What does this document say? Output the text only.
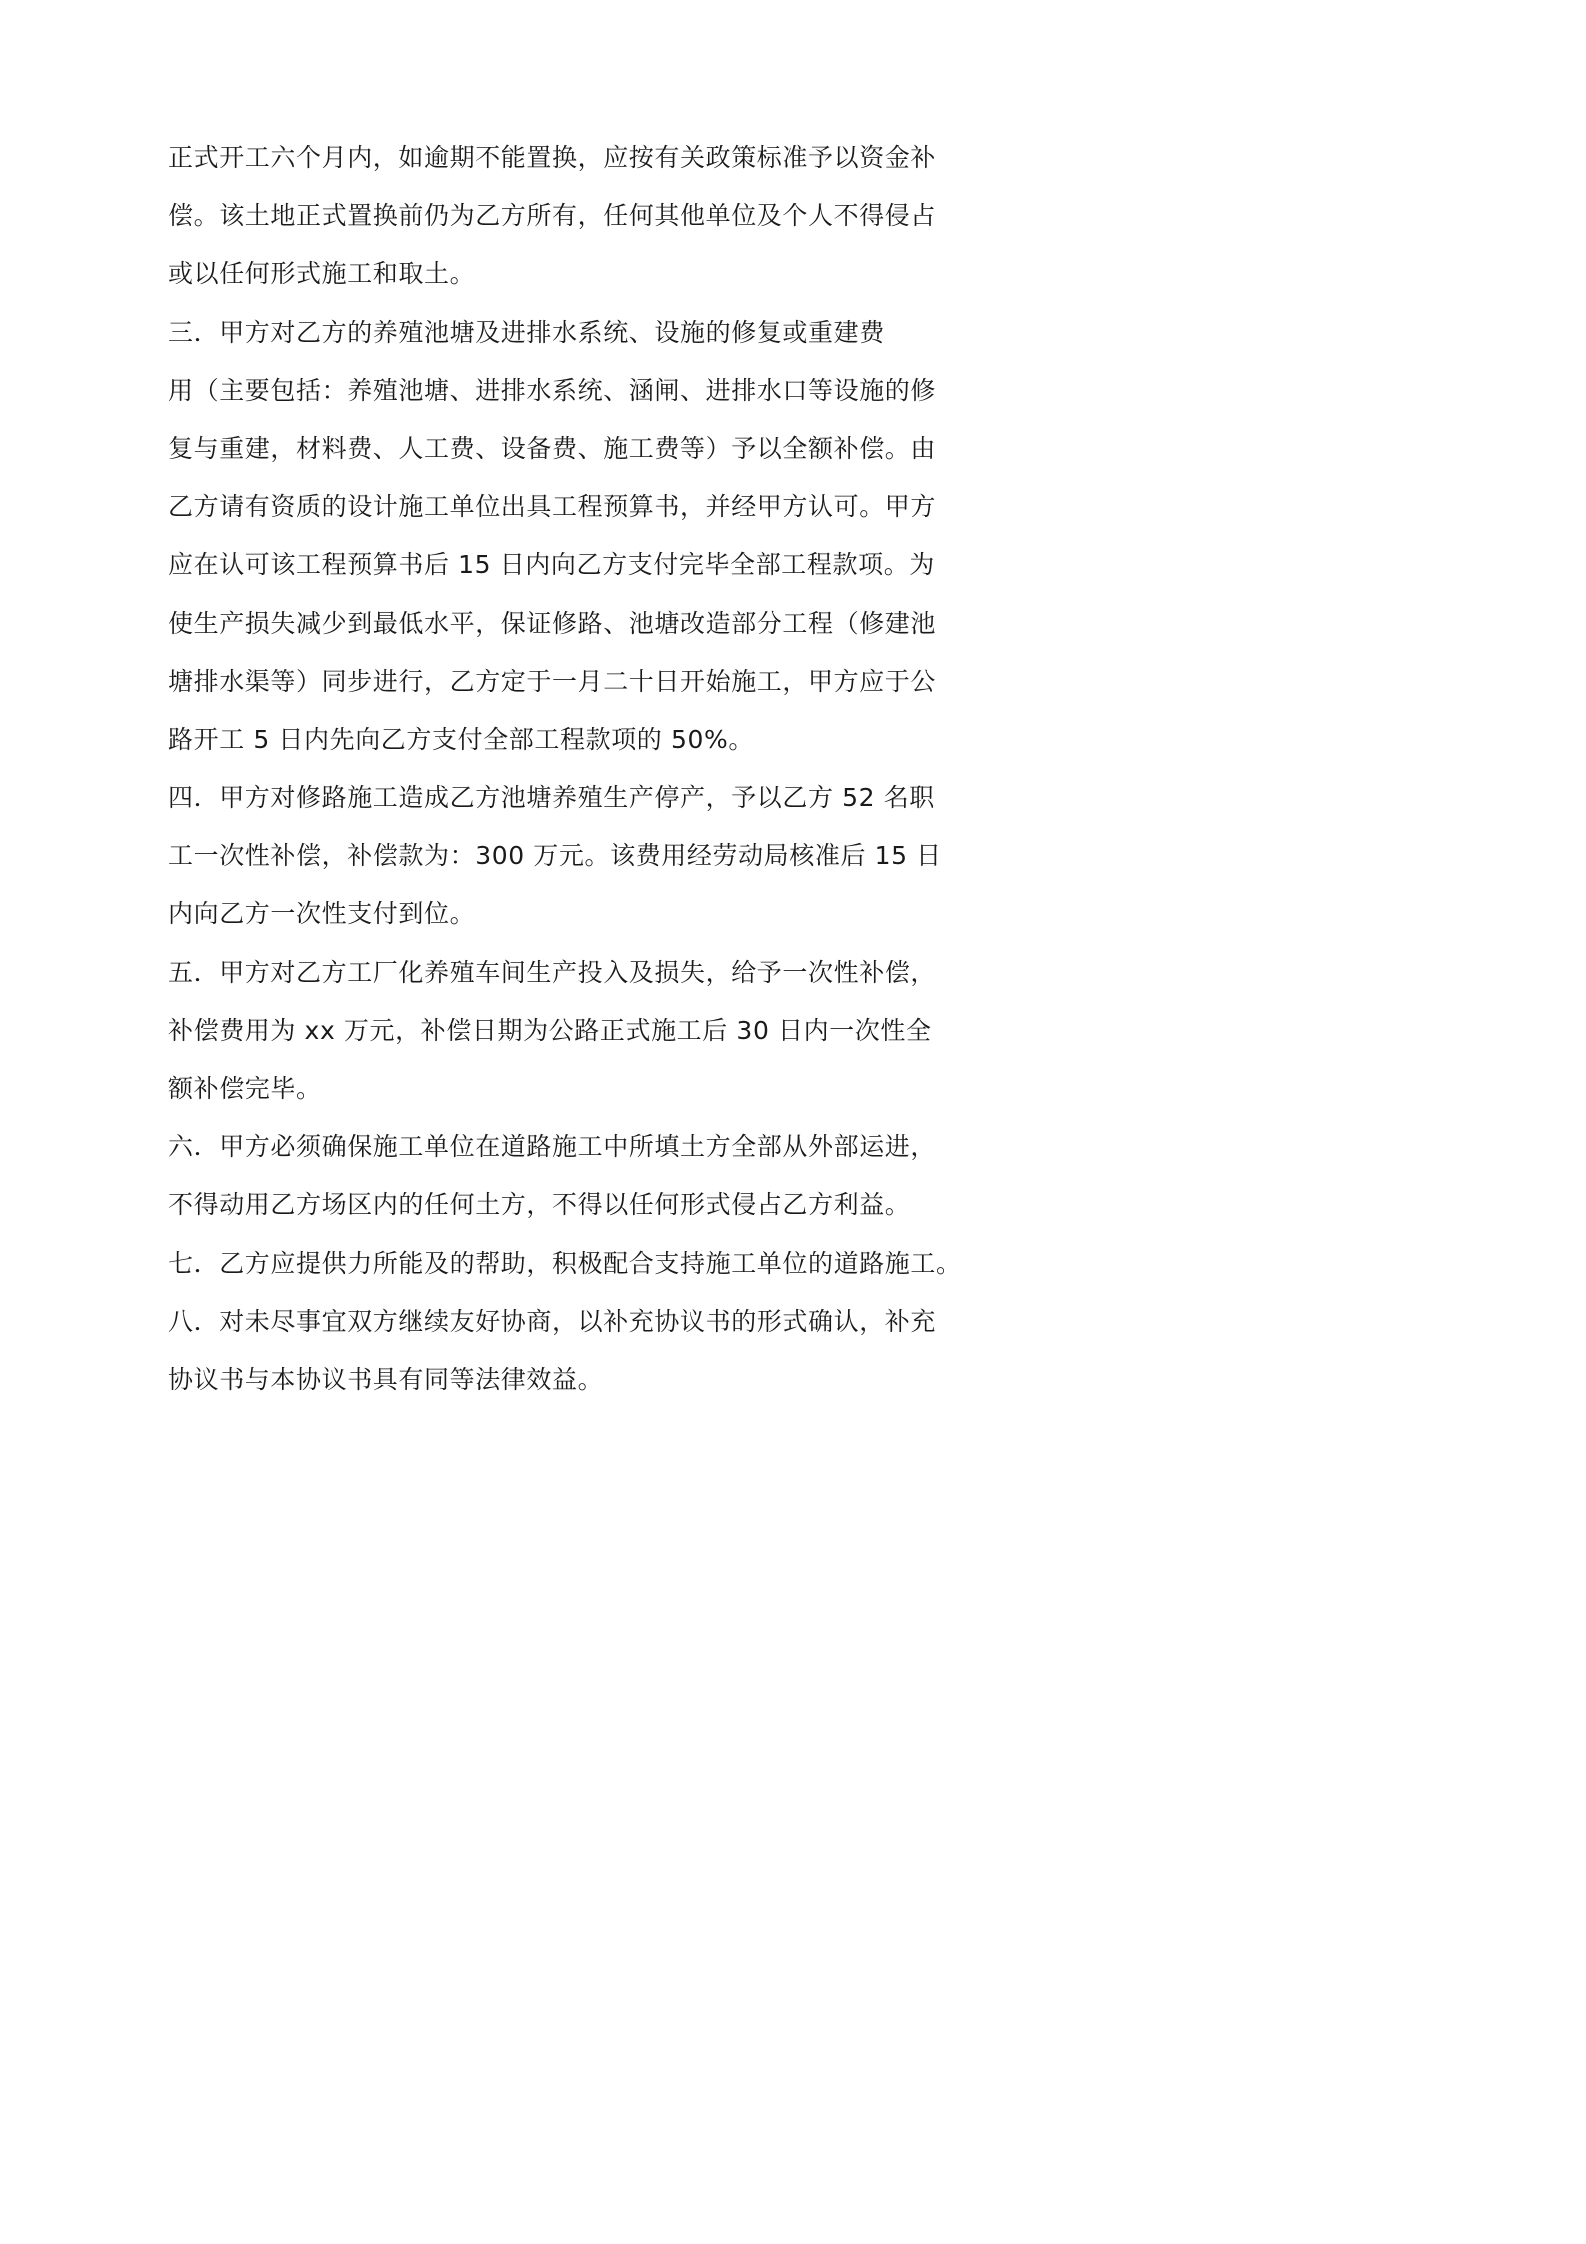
正式开工六个月内，如逾期不能置换，应按有关政策标准予以资金补
偿。该土地正式置换前仍为乙方所有，任何其他单位及个人不得侵占
或以任何形式施工和取土。
三．甲方对乙方的养殖池塘及进排水系统、设施的修复或重建费
用（主要包括：养殖池塘、进排水系统、涵闸、进排水口等设施的修
复与重建，材料费、人工费、设备费、施工费等）予以全额补偿。由
乙方请有资质的设计施工单位出具工程预算书，并经甲方认可。甲方
应在认可该工程预算书后 15 日内向乙方支付完毕全部工程款项。为
使生产损失减少到最低水平，保证修路、池塘改造部分工程（修建池
塘排水渠等）同步进行，乙方定于一月二十日开始施工，甲方应于公
路开工 5 日内先向乙方支付全部工程款项的 50%。
四．甲方对修路施工造成乙方池塘养殖生产停产，予以乙方 52 名职
工一次性补偿，补偿款为：300 万元。该费用经劳动局核准后 15 日
内向乙方一次性支付到位。
五．甲方对乙方工厂化养殖车间生产投入及损失，给予一次性补偿，
补偿费用为 xx 万元，补偿日期为公路正式施工后 30 日内一次性全
额补偿完毕。
六．甲方必须确保施工单位在道路施工中所填土方全部从外部运进，
不得动用乙方场区内的任何土方，不得以任何形式侵占乙方利益。
七．乙方应提供力所能及的帮助，积极配合支持施工单位的道路施工。
八．对未尽事宜双方继续友好协商，以补充协议书的形式确认，补充
协议书与本协议书具有同等法律效益。
